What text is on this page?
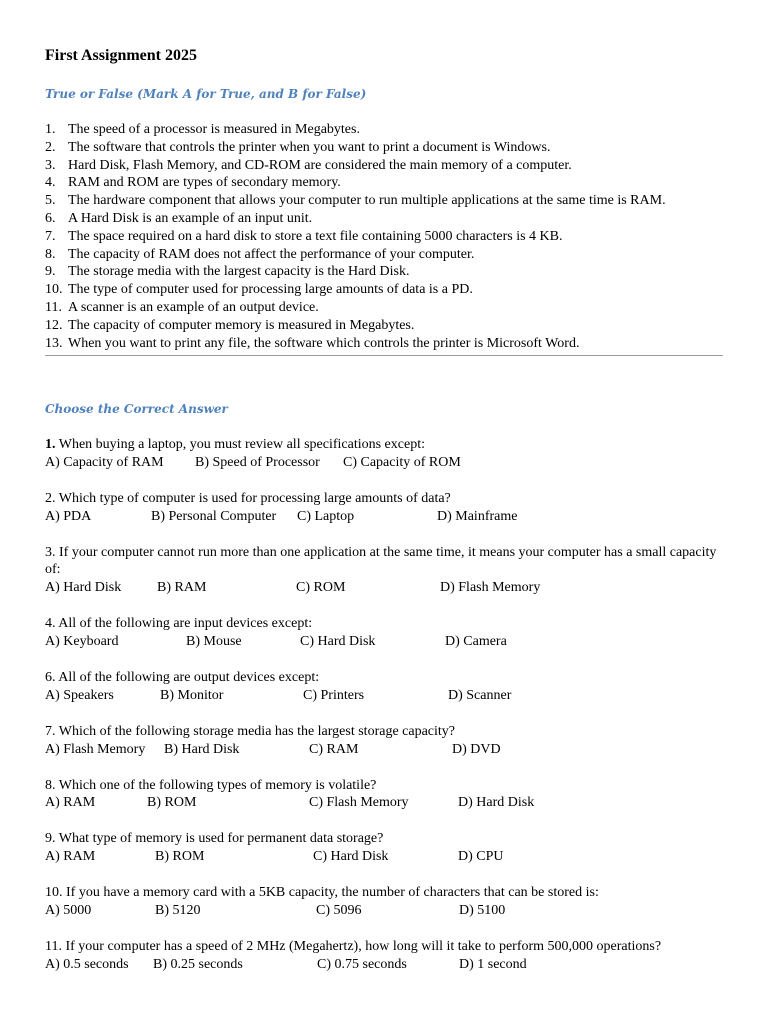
First Assignment 2025
True or False (Mark A for True, and B for False)
1. The speed of a processor is measured in Megabytes.
2. The software that controls the printer when you want to print a document is Windows.
3. Hard Disk, Flash Memory, and CD-ROM are considered the main memory of a computer.
4. RAM and ROM are types of secondary memory.
5. The hardware component that allows your computer to run multiple applications at the same time is RAM.
6. A Hard Disk is an example of an input unit.
7. The space required on a hard disk to store a text file containing 5000 characters is 4 KB.
8. The capacity of RAM does not affect the performance of your computer.
9. The storage media with the largest capacity is the Hard Disk.
10. The type of computer used for processing large amounts of data is a PD.
11. A scanner is an example of an output device.
12. The capacity of computer memory is measured in Megabytes.
13. When you want to print any file, the software which controls the printer is Microsoft Word.
Choose the Correct Answer
1. When buying a laptop, you must review all specifications except:
A) Capacity of RAM B) Speed of Processor C) Capacity of ROM
2. Which type of computer is used for processing large amounts of data?
A) PDA	B) Personal Computer C) Laptop	D) Mainframe
3. If your computer cannot run more than one application at the same time, it means your computer has a small capacity of:
A) Hard Disk	B) RAM	C) ROM	D) Flash Memory
4. All of the following are input devices except:
A) Keyboard	B) Mouse	C) Hard Disk	D) Camera
6. All of the following are output devices except:
A) Speakers	B) Monitor	C) Printers	D) Scanner
7. Which of the following storage media has the largest storage capacity?
A) Flash Memory B) Hard Disk	C) RAM	D) DVD
8. Which one of the following types of memory is volatile?
A) RAM	B) ROM	C) Flash Memory	D) Hard Disk
9. What type of memory is used for permanent data storage?
A) RAM	B) ROM	C) Hard Disk	D) CPU
10. If you have a memory card with a 5KB capacity, the number of characters that can be stored is:
A) 5000	B) 5120	C) 5096	D) 5100
11. If your computer has a speed of 2 MHz (Megahertz), how long will it take to perform 500,000 operations?
A) 0.5 seconds B) 0.25 seconds	C) 0.75 seconds	D) 1 second
